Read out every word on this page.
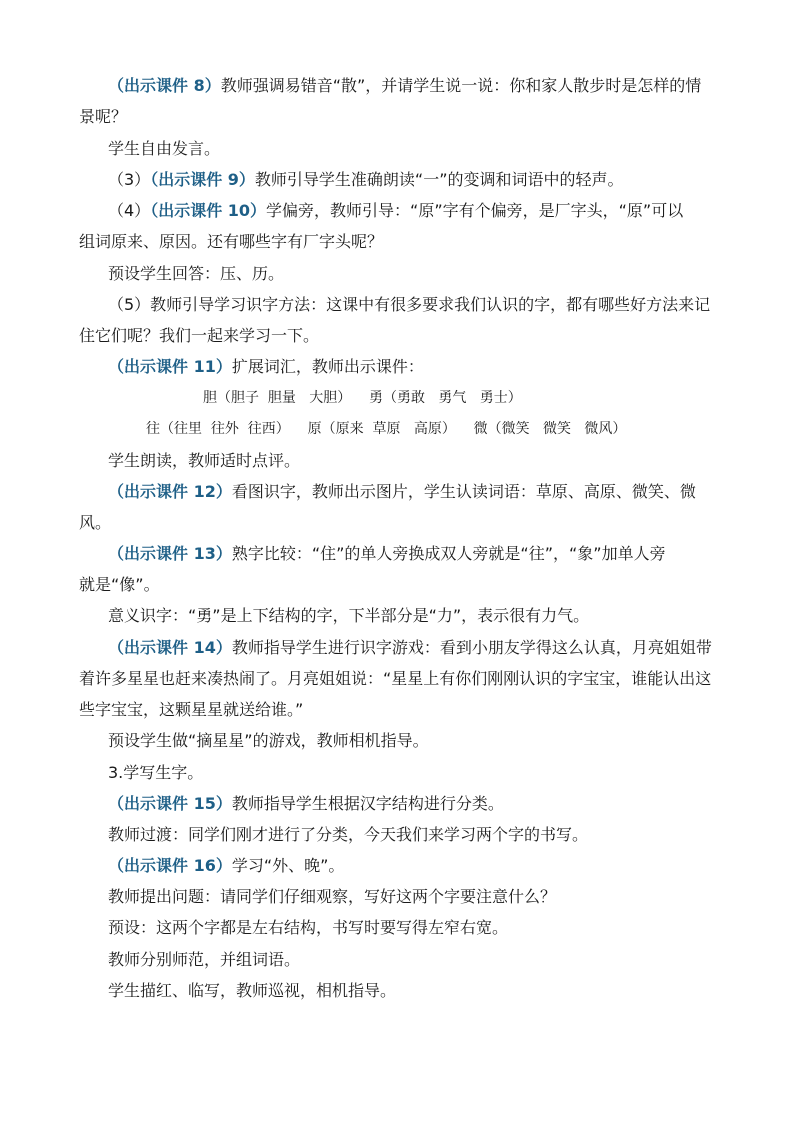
（出示课件 8）教师强调易错音“散”，并请学生说一说：你和家人散步时是怎样的情
景呢？
学生自由发言。
（3）（出示课件 9）教师引导学生准确朗读“一”的变调和词语中的轻声。
（4）（出示课件 10）学偏旁，教师引导：“原”字有个偏旁，是厂字头，“原”可以
组词原来、原因。还有哪些字有厂字头呢？
预设学生回答：压、历。
（5）教师引导学习识字方法：这课中有很多要求我们认识的字，都有哪些好方法来记
住它们呢？我们一起来学习一下。
（出示课件 11）扩展词汇，教师出示课件：
胆（胆子  胆量   大胆）    勇（勇敢   勇气   勇士）
往（往里  往外  往西）    原（原来  草原   高原）    微（微笑   微笑   微风）
学生朗读，教师适时点评。
（出示课件 12）看图识字，教师出示图片，学生认读词语：草原、高原、微笑、微
风。
（出示课件 13）熟字比较：“住”的单人旁换成双人旁就是“往”，“象”加单人旁
就是“像”。
意义识字：“勇”是上下结构的字，下半部分是“力”，表示很有力气。
（出示课件 14）教师指导学生进行识字游戏：看到小朋友学得这么认真，月亮姐姐带
着许多星星也赶来凑热闹了。月亮姐姐说：“星星上有你们刚刚认识的字宝宝，谁能认出这
些字宝宝，这颗星星就送给谁。”
预设学生做“摘星星”的游戏，教师相机指导。
3.学写生字。
（出示课件 15）教师指导学生根据汉字结构进行分类。
教师过渡：同学们刚才进行了分类，今天我们来学习两个字的书写。
（出示课件 16）学习“外、晚”。
教师提出问题：请同学们仔细观察，写好这两个字要注意什么？
预设：这两个字都是左右结构，书写时要写得左窄右宽。
教师分别师范，并组词语。
学生描红、临写，教师巡视，相机指导。
